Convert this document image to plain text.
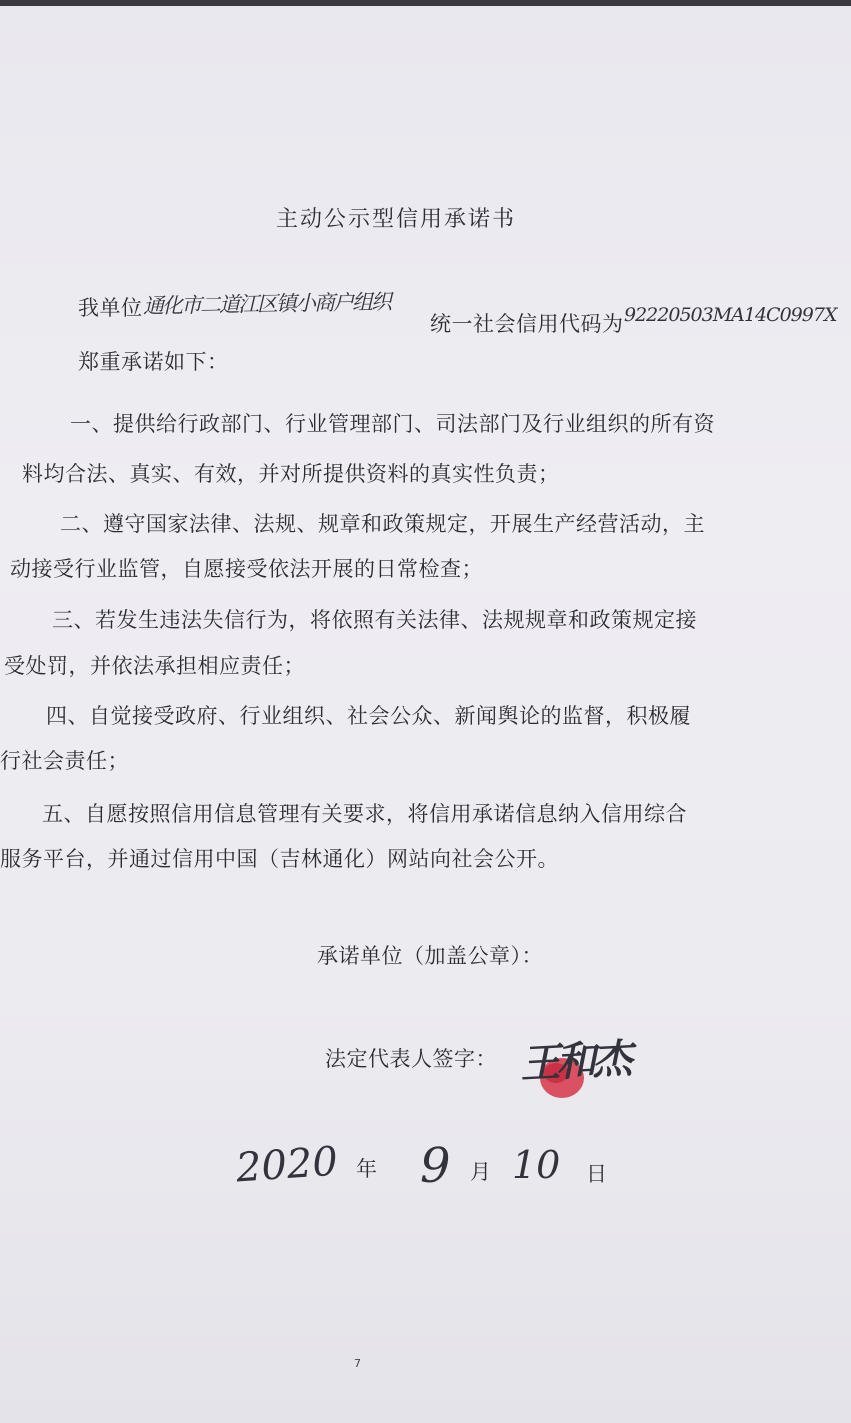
主动公示型信用承诺书
我单位 通化市二道江区镇小商户组织
统一社会信用代码为 92220503MA14C0997X
郑重承诺如下：
一、提供给行政部门、行业管理部门、司法部门及行业组织的所有资
料均合法、真实、有效，并对所提供资料的真实性负责；
二、遵守国家法律、法规、规章和政策规定，开展生产经营活动，主
动接受行业监管，自愿接受依法开展的日常检查；
三、若发生违法失信行为，将依照有关法律、法规规章和政策规定接
受处罚，并依法承担相应责任；
四、自觉接受政府、行业组织、社会公众、新闻舆论的监督，积极履
行社会责任；
五、自愿按照信用信息管理有关要求，将信用承诺信息纳入信用综合
服务平台，并通过信用中国（吉林通化）网站向社会公开。
承诺单位（加盖公章）：
法定代表人签字： 王和杰
2020 年 9 月 10 日
7
